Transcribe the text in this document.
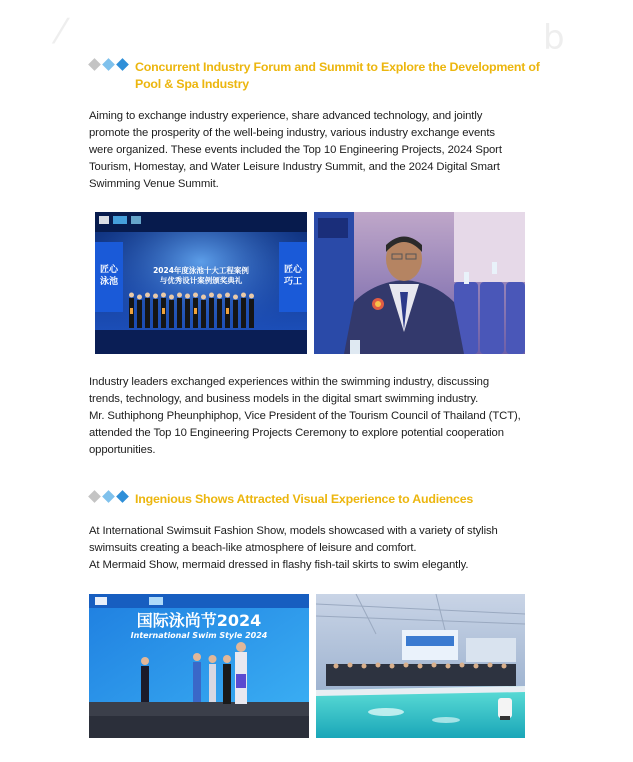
⁄	b
Concurrent Industry Forum and Summit to Explore the Development of
Pool & Spa Industry

Aiming to exchange industry experience, share advanced technology, and jointly

promote the prosperity of the well-being industry, various industry exchange events

were organized. These events included the Top 10 Engineering Projects, 2024 Sport

Tourism, Homestay, and Water Leisure Industry Summit, and the 2024 Digital Smart

Swimming Venue Summit.

2024年度泳池十大工程案例
与优秀设计案例颁奖典礼
匠心
泳池
匠心
巧工

Industry leaders exchanged experiences within the swimming industry, discussing

trends, technology, and business models in the digital smart swimming industry.

Mr. Suthiphong Pheunphiphop, Vice President of the Tourism Council of Thailand (TCT),

attended the Top 10 Engineering Projects Ceremony to explore potential cooperation

opportunities.

Ingenious Shows Attracted Visual Experience to Audiences

At International Swimsuit Fashion Show, models showcased with a variety of stylish

swimsuits creating a beach-like atmosphere of leisure and comfort.

At Mermaid Show, mermaid dressed in flashy fish-tail skirts to swim elegantly.

国际泳尚节2024
International Swim Style 2024
